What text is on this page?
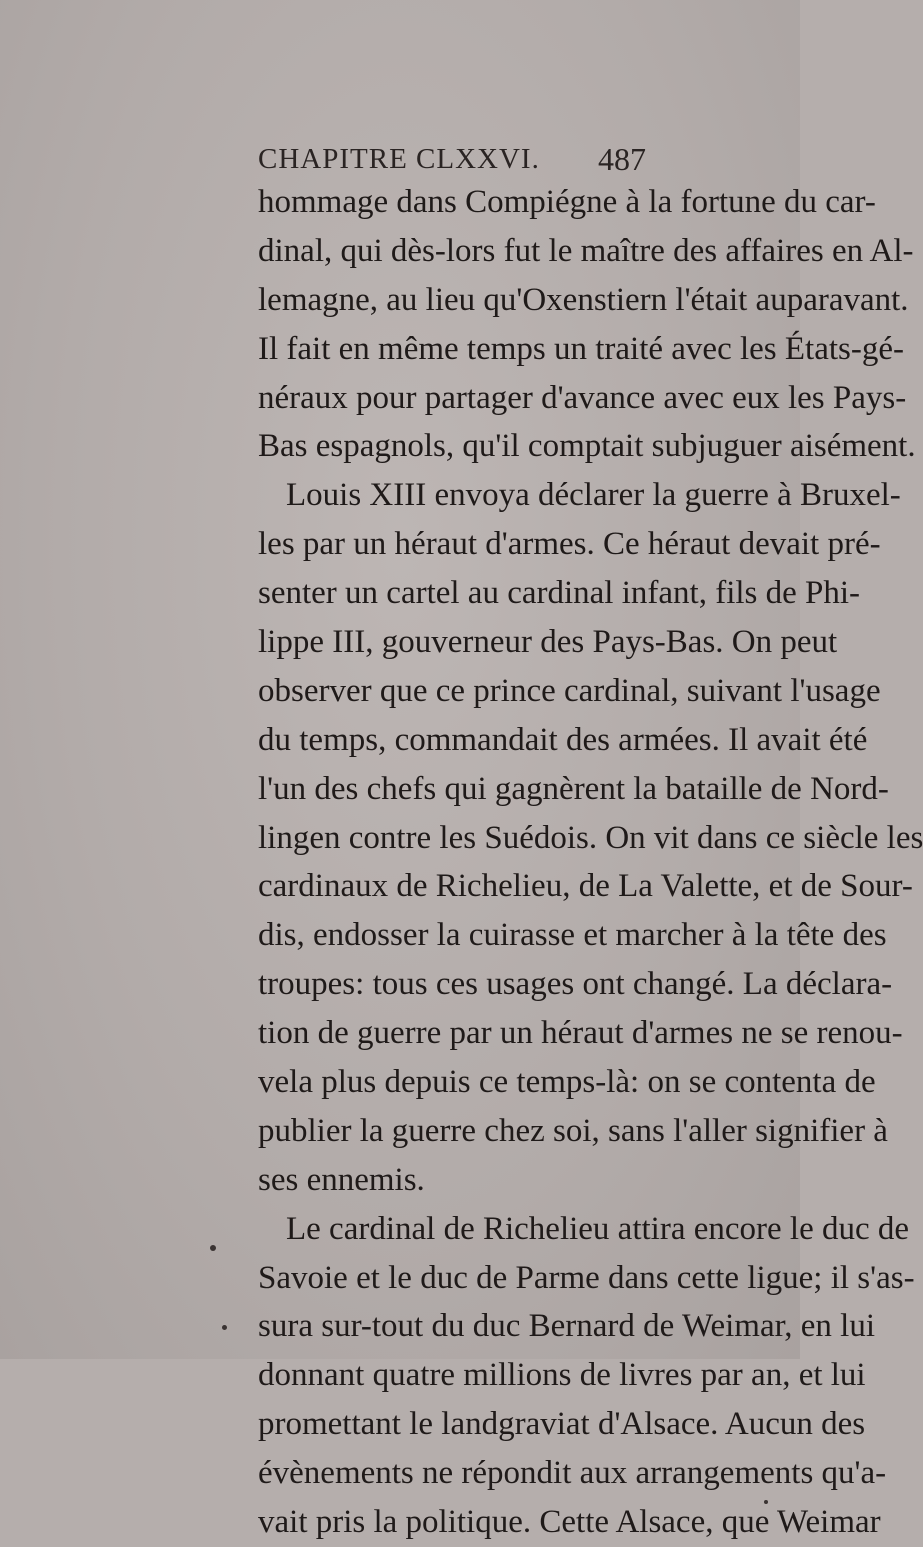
CHAPITRE CLXXVI. 487
hommage dans Compiégne à la fortune du car-
dinal, qui dès-lors fut le maître des affaires en Al-
lemagne, au lieu qu'Oxenstiern l'était auparavant.
Il fait en même temps un traité avec les États-gé-
néraux pour partager d'avance avec eux les Pays-
Bas espagnols, qu'il comptait subjuguer aisément.
Louis XIII envoya déclarer la guerre à Bruxel-
les par un héraut d'armes. Ce héraut devait pré-
senter un cartel au cardinal infant, fils de Phi-
lippe III, gouverneur des Pays-Bas. On peut
observer que ce prince cardinal, suivant l'usage
du temps, commandait des armées. Il avait été
l'un des chefs qui gagnèrent la bataille de Nord-
lingen contre les Suédois. On vit dans ce siècle les
cardinaux de Richelieu, de La Valette, et de Sour-
dis, endosser la cuirasse et marcher à la tête des
troupes: tous ces usages ont changé. La déclara-
tion de guerre par un héraut d'armes ne se renou-
vela plus depuis ce temps-là: on se contenta de
publier la guerre chez soi, sans l'aller signifier à
ses ennemis.
Le cardinal de Richelieu attira encore le duc de
Savoie et le duc de Parme dans cette ligue; il s'as-
sura sur-tout du duc Bernard de Weimar, en lui
donnant quatre millions de livres par an, et lui
promettant le landgraviat d'Alsace. Aucun des
évènements ne répondit aux arrangements qu'a-
vait pris la politique. Cette Alsace, que Weimar
